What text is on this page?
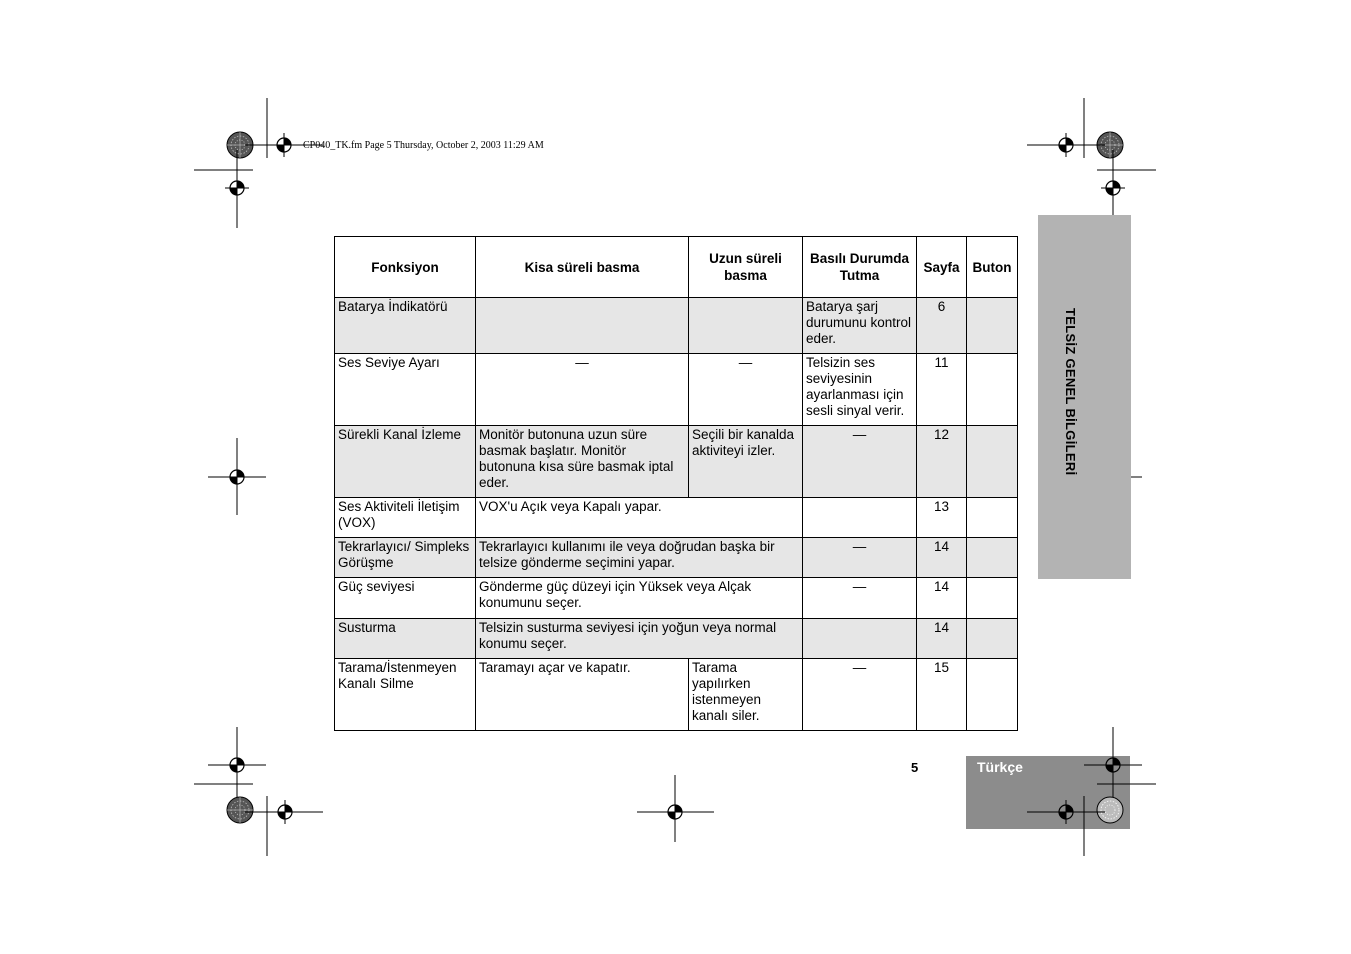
CP040_TK.fm Page 5 Thursday, October 2, 2003 11:29 AM
TELSİZ GENEL BİLGİLERİ
Türkçe
5
Fonksiyon	Kisa süreli basma	Uzun süreli basma	Basılı Durumda Tutma	Sayfa	Buton
Batarya İndikatörü			Batarya şarj durumunu kontrol eder.	6	
Ses Seviye Ayarı	—	—	Telsizin ses seviyesinin ayarlanması için sesli sinyal verir.	11	
Sürekli Kanal İzleme	Monitör butonuna uzun süre basmak başlatır. Monitör butonuna kısa süre basmak iptal eder.	Seçili bir kanalda aktiviteyi izler.	—	12	
Ses Aktiviteli İletişim (VOX)	VOX'u Açık veya Kapalı yapar.			13	
Tekrarlayıcı/ Simpleks Görüşme	Tekrarlayıcı kullanımı ile veya doğrudan başka bir telsize gönderme seçimini yapar.		—	14	
Güç seviyesi	Gönderme güç düzeyi için Yüksek veya Alçak konumunu seçer.		—	14	
Susturma	Telsizin susturma seviyesi için yoğun veya normal konumu seçer.			14	
Tarama/İstenmeyen Kanalı Silme	Taramayı açar ve kapatır.	Tarama yapılırken istenmeyen kanalı siler.	—	15	
